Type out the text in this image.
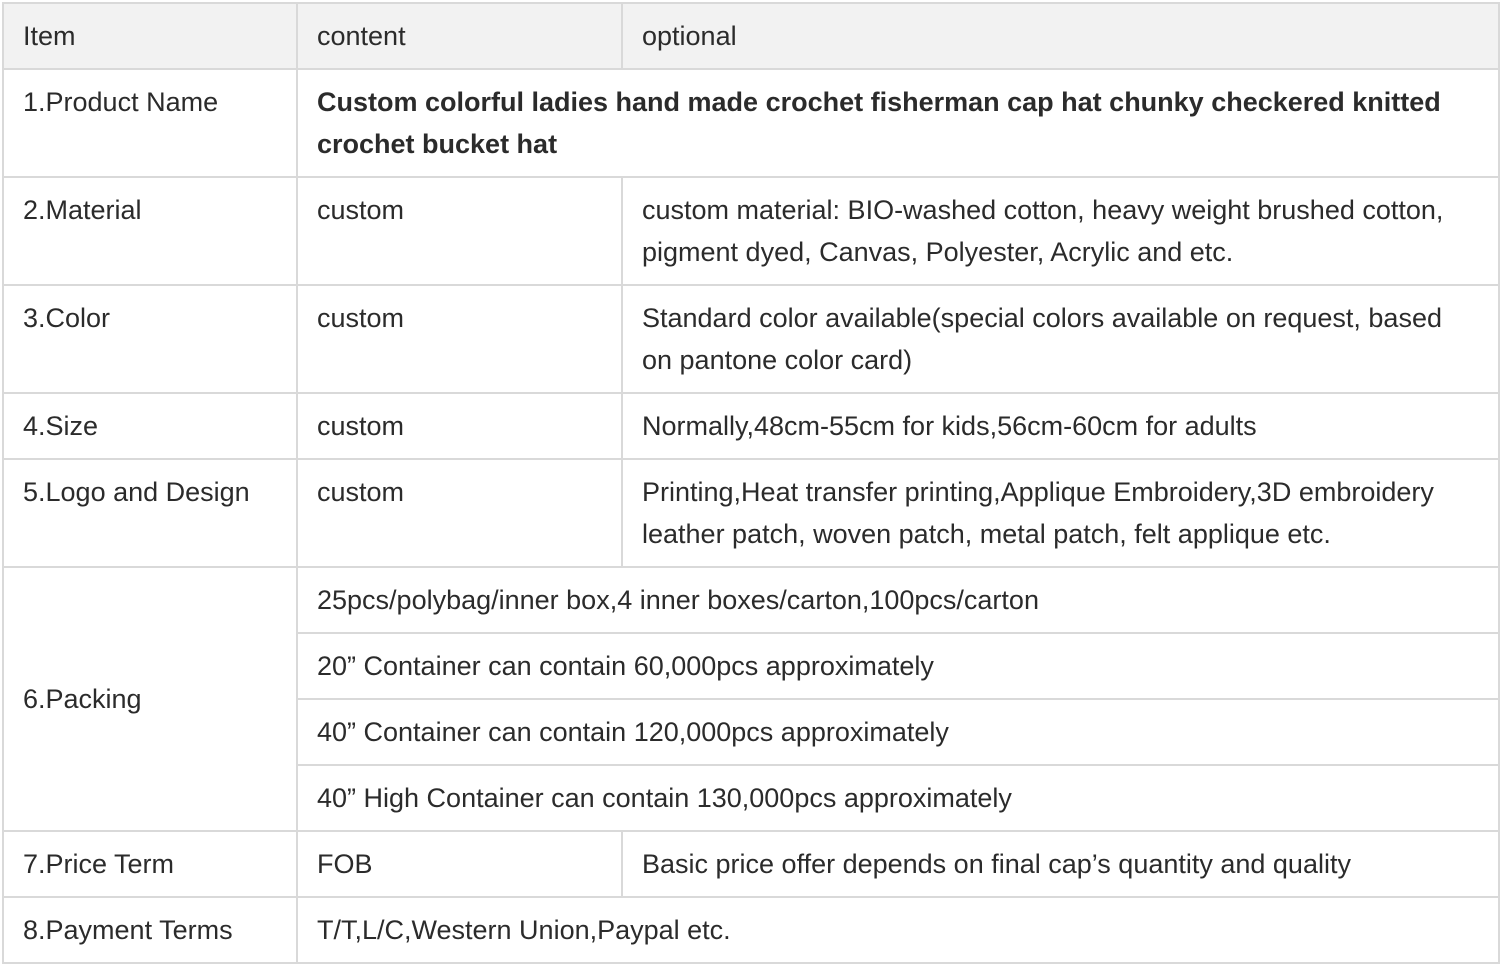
Item	content	optional
1.Product Name	Custom colorful ladies hand made crochet fisherman cap hat chunky checkered knitted crochet bucket hat	
2.Material	custom	custom material: BIO-washed cotton, heavy weight brushed cotton, pigment dyed, Canvas, Polyester, Acrylic and etc.
3.Color	custom	Standard color available(special colors available on request, based on pantone color card)
4.Size	custom	Normally,48cm-55cm for kids,56cm-60cm for adults
5.Logo and Design	custom	Printing,Heat transfer printing,Applique Embroidery,3D embroidery leather patch, woven patch, metal patch, felt applique etc.
6.Packing	25pcs/polybag/inner box,4 inner boxes/carton,100pcs/carton	
	20” Container can contain 60,000pcs approximately	
	40” Container can contain 120,000pcs approximately	
	40” High Container can contain 130,000pcs approximately	
7.Price Term	FOB	Basic price offer depends on final cap’s quantity and quality
8.Payment Terms	T/T,L/C,Western Union,Paypal etc.	
